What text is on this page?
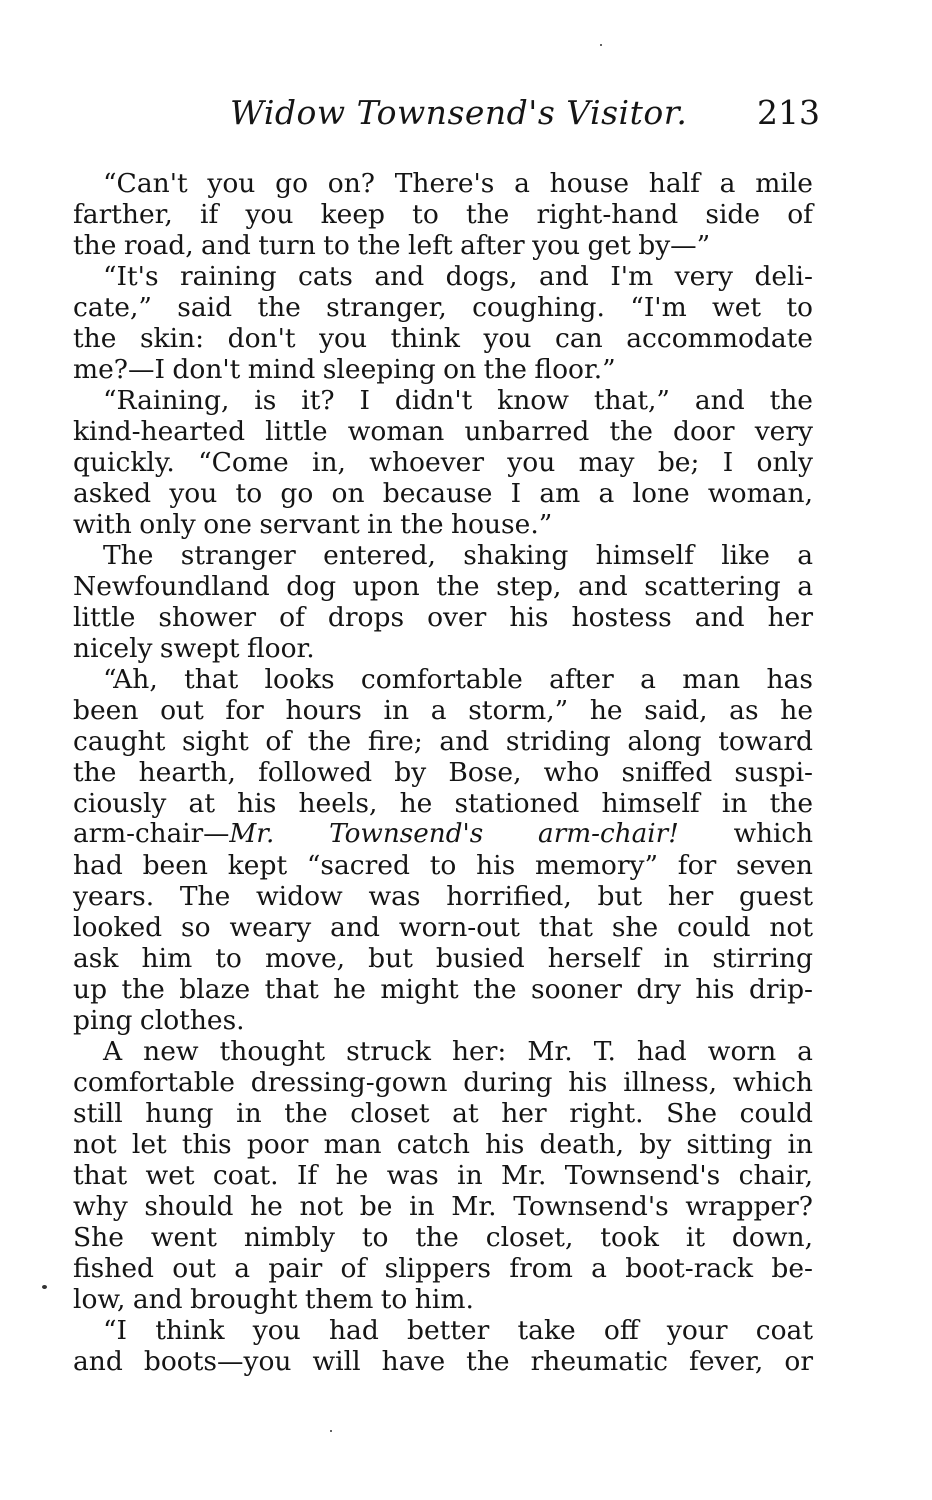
Widow Townsend's Visitor. 213
“Can't you go on? There's a house half a mile
farther, if you keep to the right-hand side of
the road, and turn to the left after you get by—”
“It's raining cats and dogs, and I'm very deli-
cate,” said the stranger, coughing. “I'm wet to
the skin: don't you think you can accommodate
me?—I don't mind sleeping on the floor.”
“Raining, is it? I didn't know that,” and the
kind-hearted little woman unbarred the door very
quickly. “Come in, whoever you may be; I only
asked you to go on because I am a lone woman,
with only one servant in the house.”
The stranger entered, shaking himself like a
Newfoundland dog upon the step, and scattering a
little shower of drops over his hostess and her
nicely swept floor.
“Ah, that looks comfortable after a man has
been out for hours in a storm,” he said, as he
caught sight of the fire; and striding along toward
the hearth, followed by Bose, who sniffed suspi-
ciously at his heels, he stationed himself in the
arm-chair—Mr. Townsend's arm-chair! which
had been kept “sacred to his memory” for seven
years. The widow was horrified, but her guest
looked so weary and worn-out that she could not
ask him to move, but busied herself in stirring
up the blaze that he might the sooner dry his drip-
ping clothes.
A new thought struck her: Mr. T. had worn a
comfortable dressing-gown during his illness, which
still hung in the closet at her right. She could
not let this poor man catch his death, by sitting in
that wet coat. If he was in Mr. Townsend's chair,
why should he not be in Mr. Townsend's wrapper?
She went nimbly to the closet, took it down,
fished out a pair of slippers from a boot-rack be-
low, and brought them to him.
“I think you had better take off your coat
and boots—you will have the rheumatic fever, or
